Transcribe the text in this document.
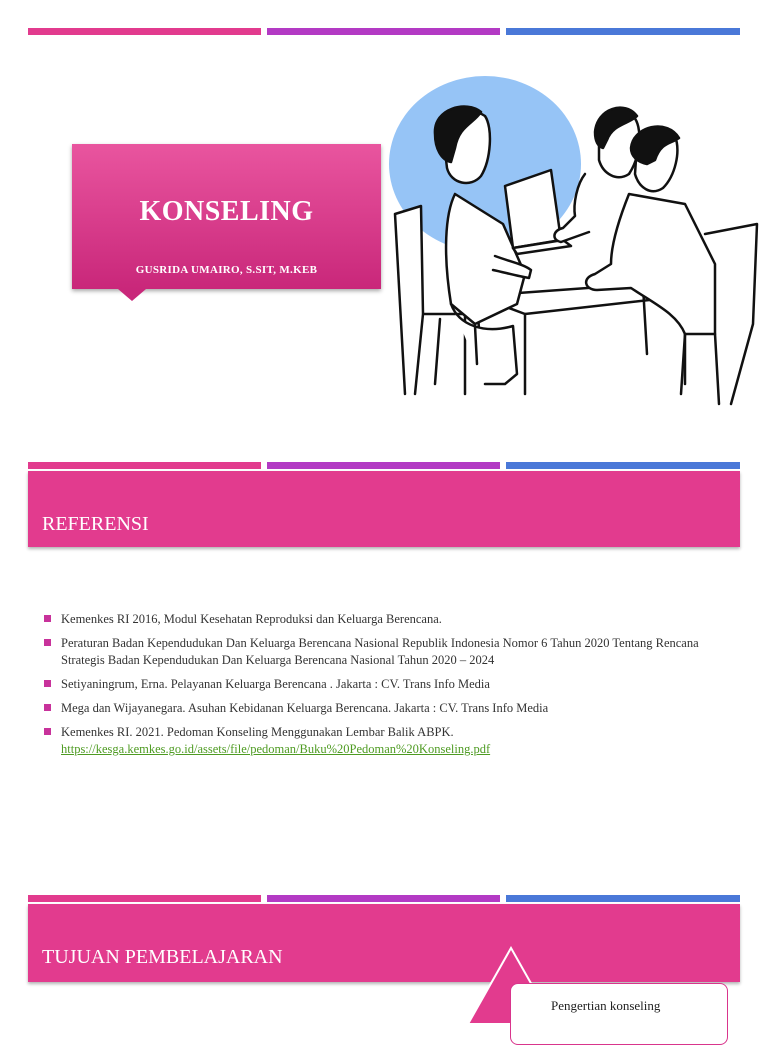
KONSELING
GUSRIDA UMAIRO, S.SIT, M.KEB
REFERENSI
Kemenkes RI 2016, Modul Kesehatan Reproduksi dan Keluarga Berencana.
Peraturan Badan Kependudukan Dan Keluarga Berencana Nasional Republik Indonesia Nomor 6 Tahun 2020 Tentang Rencana Strategis Badan Kependudukan Dan Keluarga Berencana Nasional Tahun 2020 – 2024
Setiyaningrum, Erna. Pelayanan Keluarga Berencana . Jakarta : CV. Trans Info Media
Mega dan Wijayanegara. Asuhan Kebidanan Keluarga Berencana. Jakarta : CV. Trans Info Media
Kemenkes RI. 2021. Pedoman Konseling Menggunakan Lembar Balik ABPK.
https://kesga.kemkes.go.id/assets/file/pedoman/Buku%20Pedoman%20Konseling.pdf
TUJUAN PEMBELAJARAN
Pengertian konseling
